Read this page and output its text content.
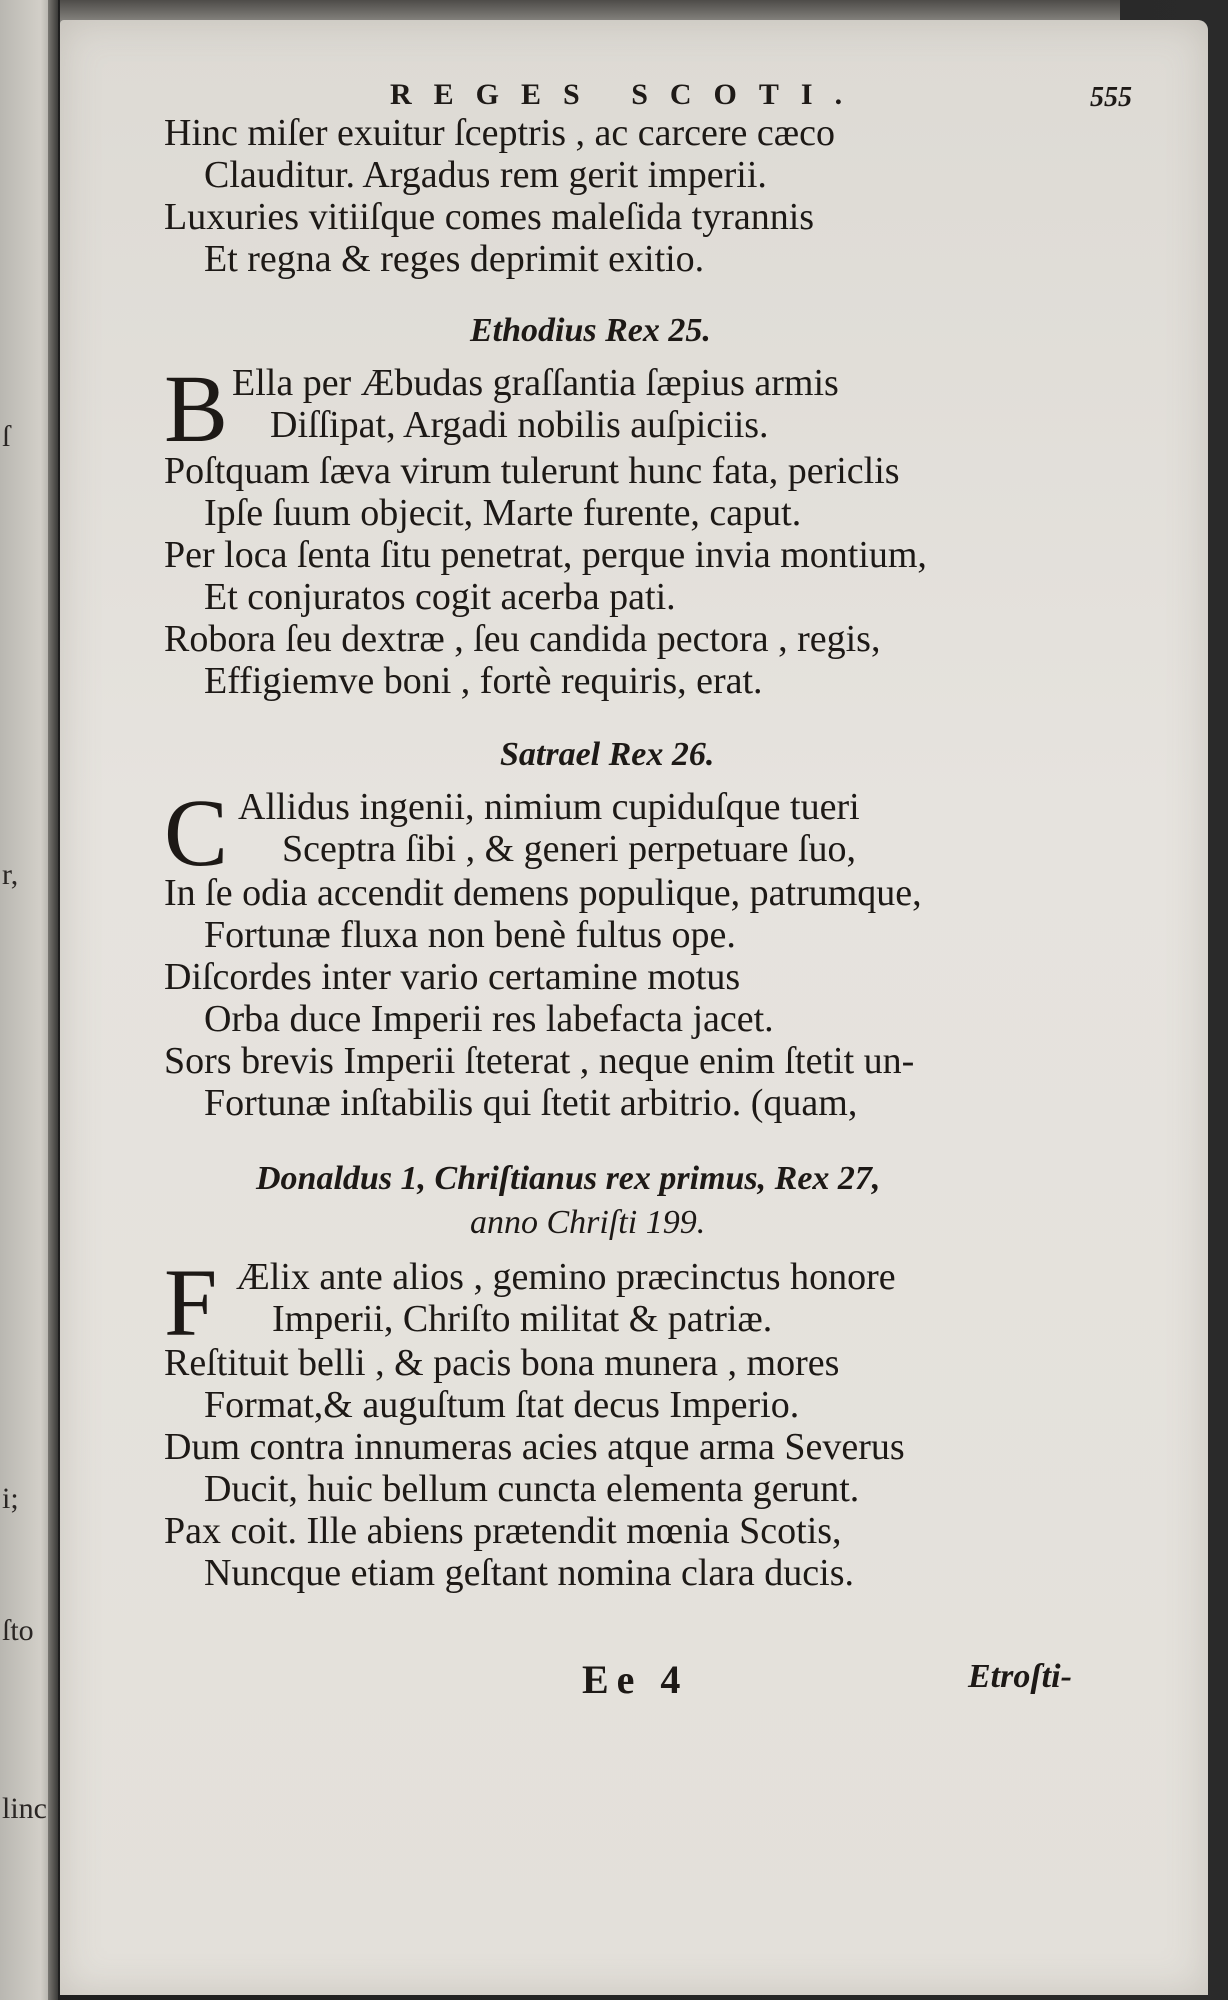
ſ
r,
i;
ſto
linc
REGES SCOTI.	555
Hinc miſer exuitur ſceptris , ac carcere cæco
Clauditur. Argadus rem gerit imperii.
Luxuries vitiiſque comes maleſida tyrannis
Et regna & reges deprimit exitio.
Ethodius Rex 25.
B Ella per Æbudas graſſantia ſæpius armis
Diſſipat, Argadi nobilis auſpiciis.
Poſtquam ſæva virum tulerunt hunc fata, periclis
Ipſe ſuum objecit, Marte furente, caput.
Per loca ſenta ſitu penetrat, perque invia montium,
Et conjuratos cogit acerba pati.
Robora ſeu dextræ , ſeu candida pectora , regis,
Effigiemve boni , fortè requiris, erat.
Satrael Rex 26.
C Allidus ingenii, nimium cupiduſque tueri
Sceptra ſibi , & generi perpetuare ſuo,
In ſe odia accendit demens populique, patrumque,
Fortunæ fluxa non benè fultus ope.
Diſcordes inter vario certamine motus
Orba duce Imperii res labefacta jacet.
Sors brevis Imperii ſteterat , neque enim ſtetit un-
Fortunæ inſtabilis qui ſtetit arbitrio. (quam,
Donaldus 1, Chriſtianus rex primus, Rex 27,
anno Chriſti 199.
F Ælix ante alios , gemino præcinctus honore
Imperii, Chriſto militat & patriæ.
Reſtituit belli , & pacis bona munera , mores
Format,& auguſtum ſtat decus Imperio.
Dum contra innumeras acies atque arma Severus
Ducit, huic bellum cuncta elementa gerunt.
Pax coit. Ille abiens prætendit mœnia Scotis,
Nuncque etiam geſtant nomina clara ducis.
Ee 4	Etroſti-
